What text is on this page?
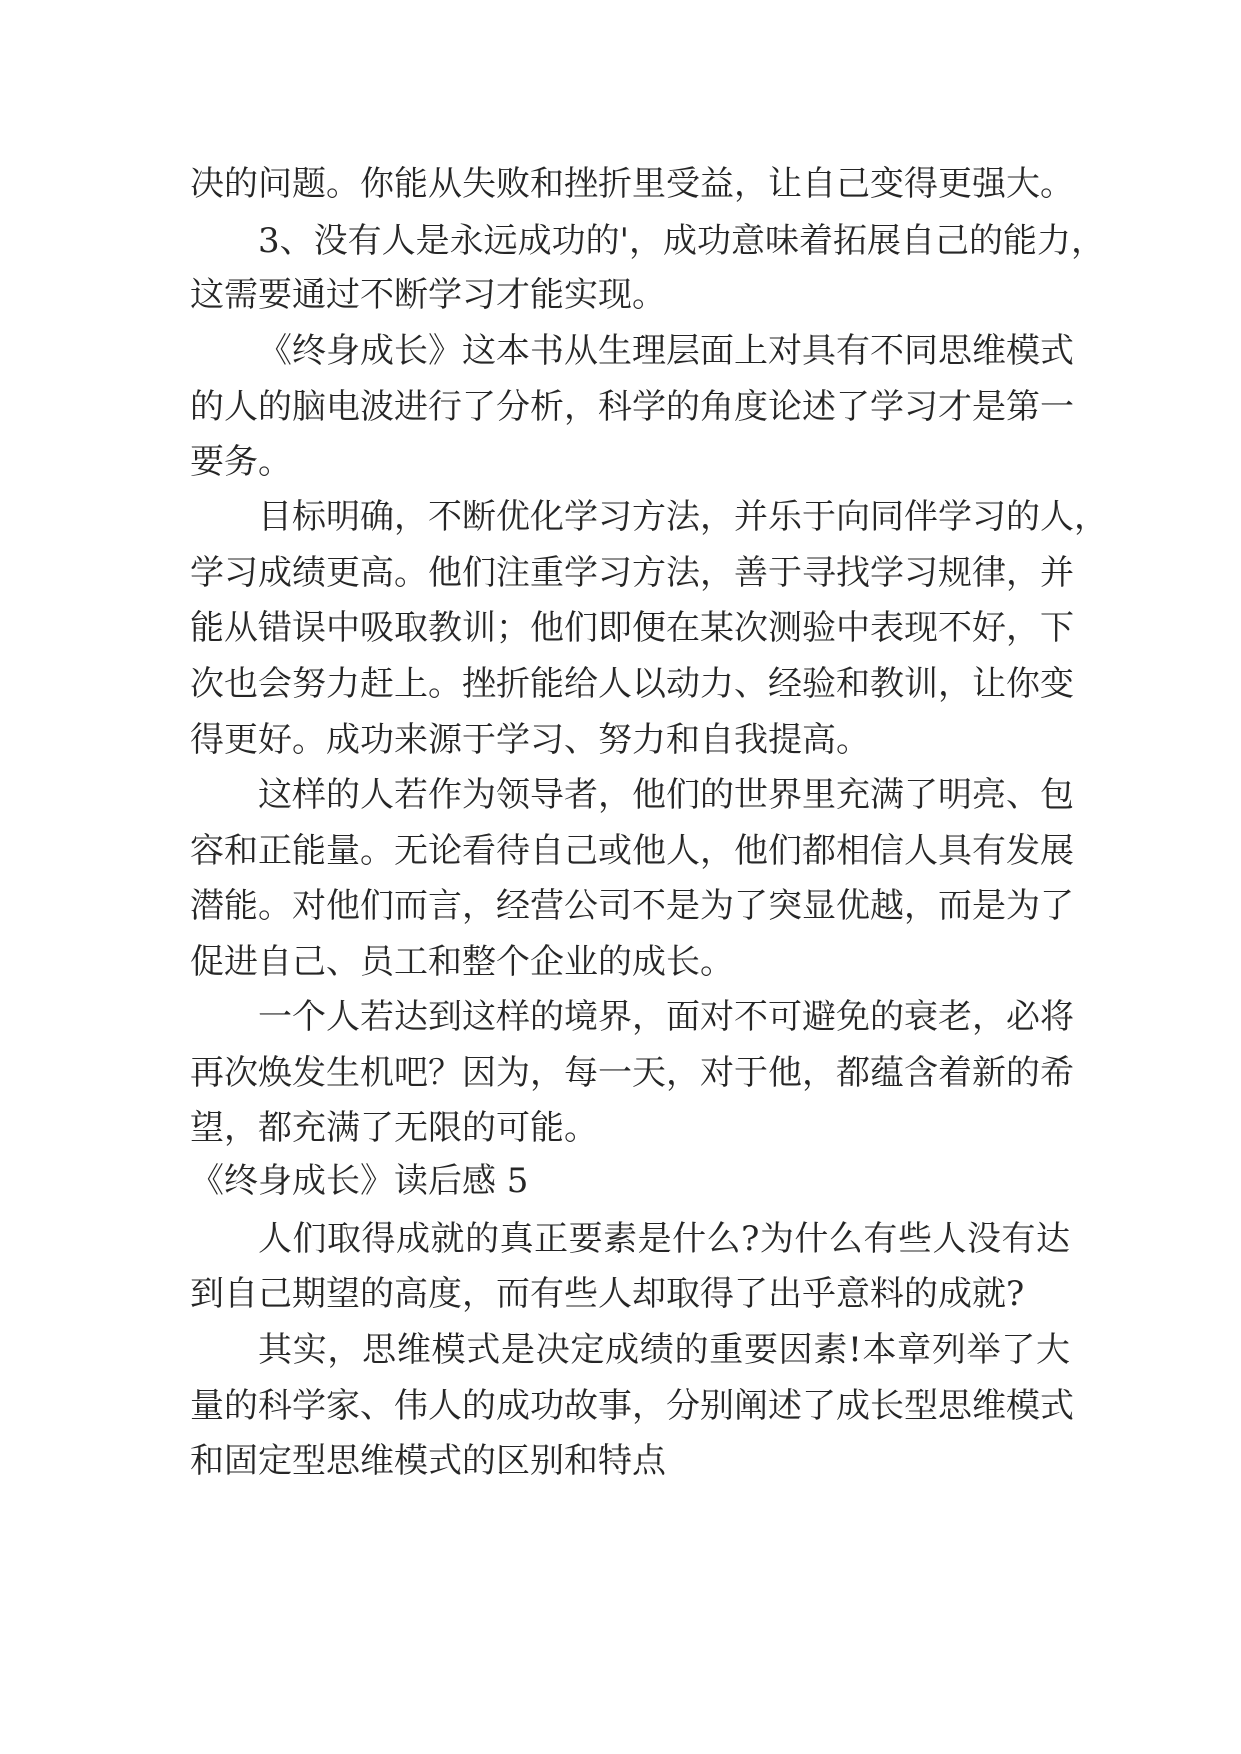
决的问题。你能从失败和挫折里受益，让自己变得更强大。
3、没有人是永远成功的'，成功意味着拓展自己的能力，
这需要通过不断学习才能实现。
《终身成长》这本书从生理层面上对具有不同思维模式
的人的脑电波进行了分析，科学的角度论述了学习才是第一
要务。
目标明确，不断优化学习方法，并乐于向同伴学习的人，
学习成绩更高。他们注重学习方法，善于寻找学习规律，并
能从错误中吸取教训；他们即便在某次测验中表现不好，下
次也会努力赶上。挫折能给人以动力、经验和教训，让你变
得更好。成功来源于学习、努力和自我提高。
这样的人若作为领导者，他们的世界里充满了明亮、包
容和正能量。无论看待自己或他人，他们都相信人具有发展
潜能。对他们而言，经营公司不是为了突显优越，而是为了
促进自己、员工和整个企业的成长。
一个人若达到这样的境界，面对不可避免的衰老，必将
再次焕发生机吧？因为，每一天，对于他，都蕴含着新的希
望，都充满了无限的可能。
《终身成长》读后感 5
人们取得成就的真正要素是什么?为什么有些人没有达
到自己期望的高度，而有些人却取得了出乎意料的成就?
其实，思维模式是决定成绩的重要因素!本章列举了大
量的科学家、伟人的成功故事，分别阐述了成长型思维模式
和固定型思维模式的区别和特点
